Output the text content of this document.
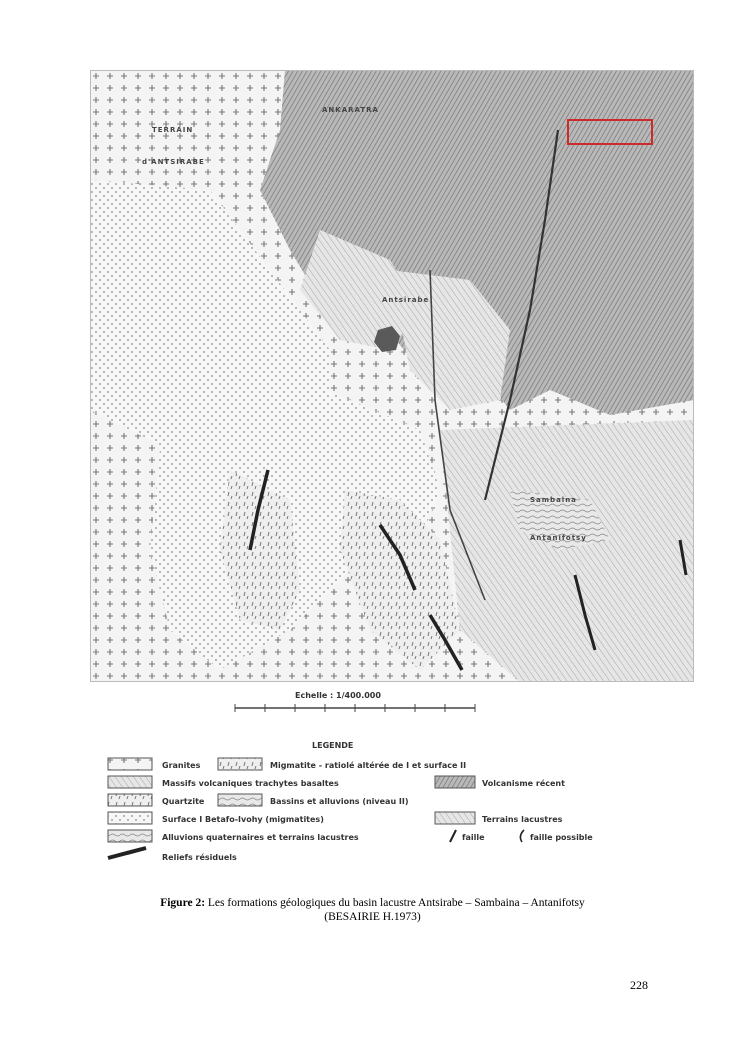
ANKARATRA
TERRAIN
d'ANTSIRABE
Antsirabe
Sambaina
Antanifotsy
Echelle : 1/400.000
LEGENDE
Granites	Migmatite - ratiolé altérée de I et surface II
Massifs volcaniques trachytes basaltes	Volcanisme récent
Quartzite	Bassins et alluvions (niveau II)
Surface I Betafo-Ivohy (migmatites)	Terrains lacustres
Alluvions quaternaires et terrains lacustres	faille	faille possible
Reliefs résiduels
Figure 2: Les formations géologiques du basin lacustre Antsirabe – Sambaina – Antanifotsy
(BESAIRIE H.1973)
228
